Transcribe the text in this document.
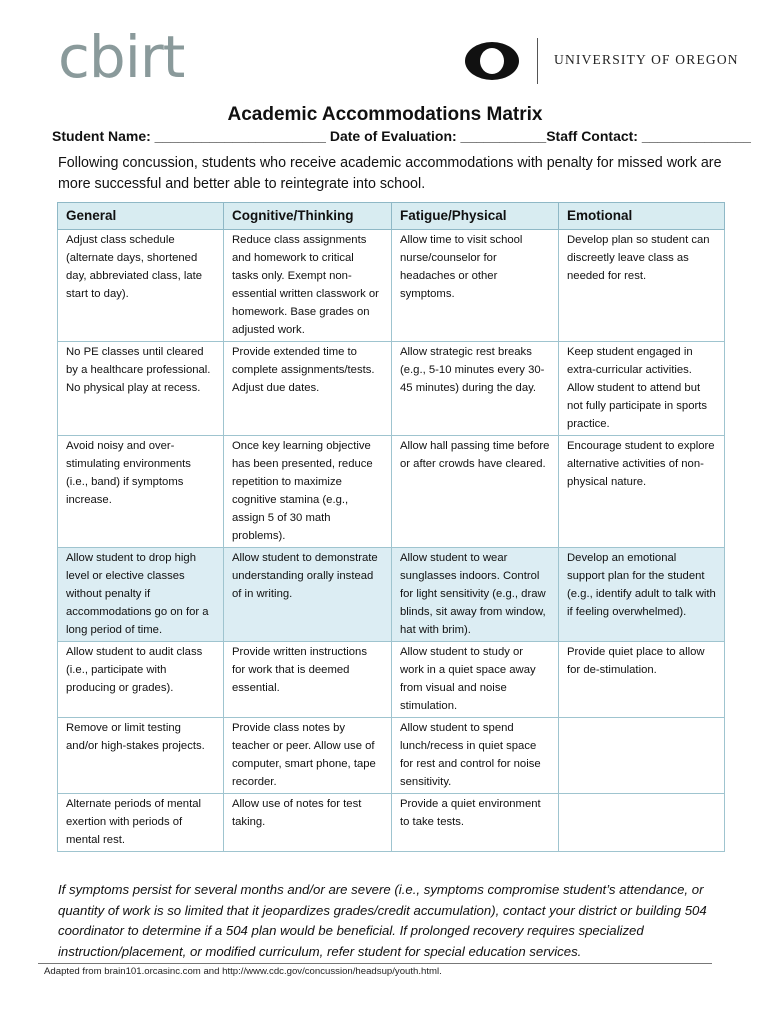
cbirt	UNIVERSITY OF OREGON
Academic Accommodations Matrix
Student Name: ______________________ Date of Evaluation: ___________Staff Contact: ______________
Following concussion, students who receive academic accommodations with penalty for missed work are more successful and better able to reintegrate into school.
General	Cognitive/Thinking	Fatigue/Physical	Emotional
Adjust class schedule (alternate days, shortened day, abbreviated class, late start to day).	Reduce class assignments and homework to critical tasks only. Exempt non-essential written classwork or homework. Base grades on adjusted work.	Allow time to visit school nurse/counselor for headaches or other symptoms.	Develop plan so student can discreetly leave class as needed for rest.
No PE classes until cleared by a healthcare professional. No physical play at recess.	Provide extended time to complete assignments/tests. Adjust due dates.	Allow strategic rest breaks (e.g., 5-10 minutes every 30-45 minutes) during the day.	Keep student engaged in extra-curricular activities. Allow student to attend but not fully participate in sports practice.
Avoid noisy and over-stimulating environments (i.e., band) if symptoms increase.	Once key learning objective has been presented, reduce repetition to maximize cognitive stamina (e.g., assign 5 of 30 math problems).	Allow hall passing time before or after crowds have cleared.	Encourage student to explore alternative activities of non-physical nature.
Allow student to drop high level or elective classes without penalty if accommodations go on for a long period of time.	Allow student to demonstrate understanding orally instead of in writing.	Allow student to wear sunglasses indoors. Control for light sensitivity (e.g., draw blinds, sit away from window, hat with brim).	Develop an emotional support plan for the student (e.g., identify adult to talk with if feeling overwhelmed).
Allow student to audit class (i.e., participate with producing or grades).	Provide written instructions for work that is deemed essential.	Allow student to study or work in a quiet space away from visual and noise stimulation.	Provide quiet place to allow for de-stimulation.
Remove or limit testing and/or high-stakes projects.	Provide class notes by teacher or peer. Allow use of computer, smart phone, tape recorder.	Allow student to spend lunch/recess in quiet space for rest and control for noise sensitivity.	
Alternate periods of mental exertion with periods of mental rest.	Allow use of notes for test taking.	Provide a quiet environment to take tests.	
If symptoms persist for several months and/or are severe (i.e., symptoms compromise student’s attendance, or quantity of work is so limited that it jeopardizes grades/credit accumulation), contact your district or building 504 coordinator to determine if a 504 plan would be beneficial. If prolonged recovery requires specialized instruction/placement, or modified curriculum, refer student for special education services.
Adapted from brain101.orcasinc.com and http://www.cdc.gov/concussion/headsup/youth.html.
